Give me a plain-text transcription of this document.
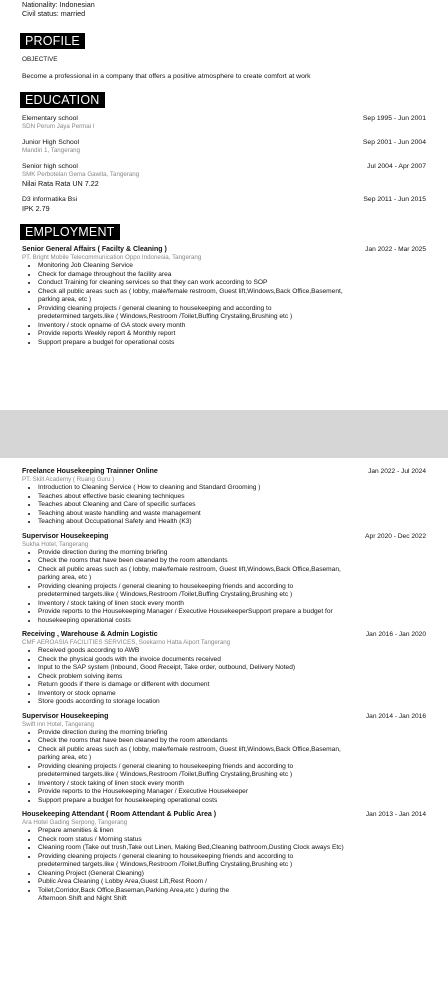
Nationality: Indonesian
Civil status: married
PROFILE
OBJECTIVE
Become a professional in a company that offers a positive atmosphere to create comfort at work
EDUCATION
Elementary school	Sep 1995 - Jun 2001
SDN Perum Jaya Permai I
Junior High School	Sep 2001 - Jun 2004
Mandiri 1, Tangerang
Senior high school	Jul 2004 - Apr 2007
SMK Perbotelan Gema Gawita, Tangerang
Nilai Rata Rata UN 7.22
D3 informatika Bsi	Sep 2011 - Jun 2015
IPK 2.79
EMPLOYMENT
Senior General Affairs ( Facilty & Cleaning )	Jan 2022 - Mar 2025
PT. Bright Mobile Telecommunication Oppo Indonesia, Tangerang
• Monitoring Job Cleaning Service
• Check for damage throughout the facility area
• Conduct Training for cleaning services so that they can work according to SOP
• Check all public areas such as ( lobby, male/female restroom, Guest lift,Windows,Back Office,Basement,
parking area, etc )
• Providing cleaning projects / general cleaning to housekeeping and according to
predetermined targets.like ( Windows,Restroom /Toilet,Buffing Crystaling,Brushing etc )
• Inventory / stock opname of GA stock every month
• Provide reports Weekly report & Monthly report
• Support prepare a budget for operational costs
Freelance Housekeeping Trainner Online	Jan 2022 - Jul 2024
PT. Skill Academy ( Ruang Guru )
• Introduction to Cleaning Service ( How to cleaning and Standard Grooming )
• Teaches about effective basic cleaning techniques
• Teaches about Cleaning and Care of specific surfaces
• Teaching about waste handling and waste management
• Teaching about Occupational Safety and Health (K3)
Supervisor Housekeeping	Apr 2020 - Dec 2022
Sukha Hotel, Tangerang
• Provide direction during the morning briefing
• Check the rooms that have been cleaned by the room attendants
• Check all public areas such as ( lobby, male/female restroom, Guest lift,Windows,Back Office,Baseman,
parking area, etc )
• Providing cleaning projects / general cleaning to housekeeping friends and according to
predetermined targets.like ( Windows,Restroom /Toilet,Buffing Crystaling,Brushing etc )
• Inventory / stock taking of linen stock every month
• Provide reports to the Housekeeping Manager / Executive HousekeeperSupport prepare a budget for
• housekeeping operational costs
Receiving , Warehouse & Admin Logistic	Jan 2016 - Jan 2020
CMF AEROASIA FACILITIES SERVICES, Soekarno Hatta Aiport Tangerang
• Received goods according to AWB
• Check the physical goods with the invoice documents received
• Input to the SAP system (Inbound, Good Receipt, Take order, outbound, Delivery Noted)
• Check problem solving items
• Return goods if there is damage or different with document
• Inventory or stock opname
• Store goods according to storage location
Supervisor Housekeeping	Jan 2014 - Jan 2016
Swift inn Hotel, Tangerang
• Provide direction during the morning briefing
• Check the rooms that have been cleaned by the room attendants
• Check all public areas such as ( lobby, male/female restroom, Guest lift,Windows,Back Office,Baseman,
parking area, etc )
• Providing cleaning projects / general cleaning to housekeeping friends and according to
predetermined targets.like ( Windows,Restroom /Toilet,Buffing Crystaling,Brushing etc )
• Inventory / stock taking of linen stock every month
• Provide reports to the Housekeeping Manager / Executive Housekeeper
• Support prepare a budget for housekeeping operational costs
Housekeeping Attendant ( Room Attendant & Public Area )	Jan 2013 - Jan 2014
Ara Hotel Gading Serpong, Tangerang
• Prepare amenities & linen
• Check room status / Morning status
• Cleaning room (Take out trush,Take out Linen, Making Bed,Cleaning bathroom,Dusting Clock aways Etc)
• Providing cleaning projects / general cleaning to housekeeping friends and according to
predetermined targets.like ( Windows,Restroom /Toilet,Buffing Crystaling,Brushing etc )
• Cleaning Project (General Cleaning)
• Public Area Cleaning ( Lobby Area,Guest Lift,Rest Room /
• Toilet,Corridor,Back Office,Baseman,Parking Area,etc ) during the
Afternoon Shift and Night Shift
